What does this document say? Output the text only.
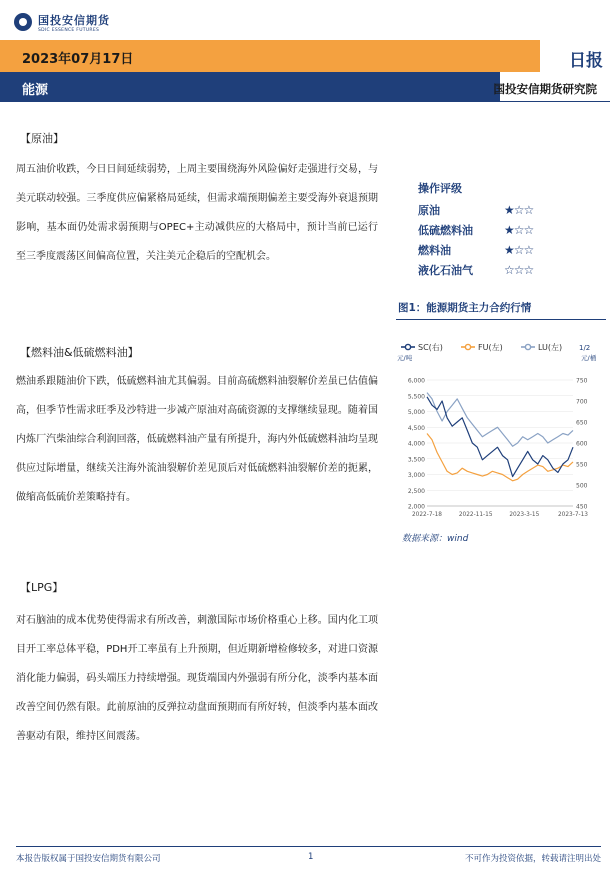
国投安信期货
SDIC ESSENCE FUTURES
2023年07月17日
能源
日报
国投安信期货研究院
【原油】
周五油价收跌，今日日间延续弱势，上周主要围绕海外风险偏好走强进行交易，与美元联动较强。三季度供应偏紧格局延续，但需求端预期偏差主要受海外衰退预期影响，基本面仍处需求弱预期与OPEC+主动减供应的大格局中，预计当前已运行至三季度震荡区间偏高位置，关注美元企稳后的空配机会。
【燃料油&低硫燃料油】
燃油系跟随油价下跌，低硫燃料油尤其偏弱。目前高硫燃料油裂解价差虽已估值偏高，但季节性需求旺季及沙特进一步减产原油对高硫资源的支撑继续显现。随着国内炼厂汽柴油综合利润回落，低硫燃料油产量有所提升，海内外低硫燃料油均呈现供应过际增量，继续关注海外流油裂解价差见顶后对低硫燃料油裂解价差的扼累，做缩高低硫价差策略持有。
【LPG】
对石脑油的成本优势使得需求有所改善，刺激国际市场价格重心上移。国内化工项目开工率总体平稳，PDH开工率虽有上升预期，但近期新增检修较多，对进口资源消化能力偏弱，码头端压力持续增强。现货端国内外强弱有所分化，淡季内基本面改善空间仍然有限。此前原油的反弹拉动盘面预期而有所好转，但淡季内基本面改善驱动有限，维持区间震荡。
操作评级
原油	★☆☆
低硫燃料油	★☆☆
燃料油	★☆☆
液化石油气	☆☆☆
图1：能源期货主力合约行情
SC(右)	FU(左)	LU(左) 1/2
元/吨	元/桶
6,000
5,500
5,000
4,500
4,000
3,500
3,000
2,500
2,000
750
700
650
600
550
500
450
2022-7-18	2022-11-15	2023-3-15	2023-7-13
数据来源：wind
本报告版权属于国投安信期货有限公司	1	不可作为投资依据，转载请注明出处
